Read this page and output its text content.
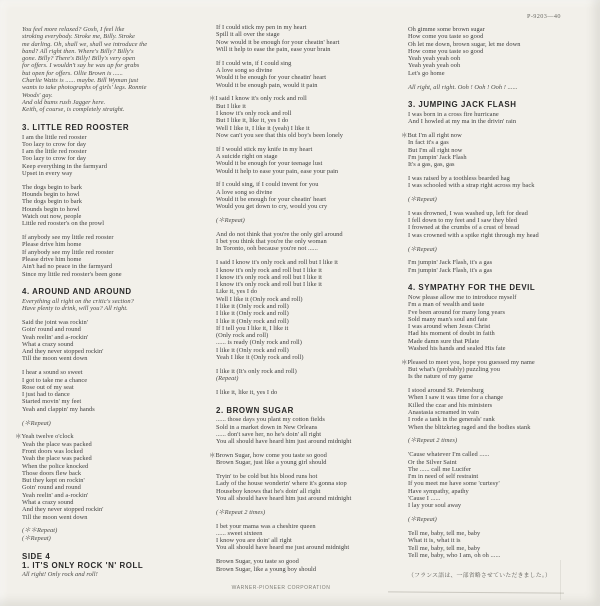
P-9203—40
You feel more relaxed? Gosh, I feel like
stroking everybody. Stroke me, Billy. Stroke
me darling. Oh, shall we, shall we introduce the
band? All right then. Where's Billy? Billy's
gone. Billy? There's Billy! Billy's very open
for offers. I wouldn't say he was up for grabs
but open for offers. Ollie Brown is ......
Charlie Watts is ...... maybe. Bill Wyman just
wants to take photographs of girls' legs. Ronnie
Woods' gay.
And old bums rush Jagger here.
Keith, of course, is completely straight.
3. LITTLE RED ROOSTER
I am the little red rooster
Too lazy to crow for day
I am the little red rooster
Too lazy to crow for day
Keep everything in the farmyard
Upset in every way
The dogs begin to bark
Hounds begin to howl
The dogs begin to bark
Hounds begin to howl
Watch out now, people
Little red rooster's on the prowl
If anybody see my little red rooster
Please drive him home
If anybody see my little red rooster
Please drive him home
Ain't had no peace in the farmyard
Since my little red rooster's been gone
4. AROUND AND AROUND
Everything all right on the critic's section?
Have plenty to drink, will you? All right.
Said the joint was rockin'
Goin' round and round
Yeah reelin' and a-rockin'
What a crazy sound
And they never stopped rockin'
Till the moon went down
I hear a sound so sweet
I got to take me a chance
Rose out of my seat
I just had to dance
Started movin' my feet
Yeah and clappin' my hands
(＊Repeat)
＊Yeah twelve o'clock
Yeah the place was packed
Front doors was locked
Yeah the place was packed
When the police knocked
Those doors flew back
But they kept on rockin'
Goin' round and round
Yeah reelin' and a-rockin'
What a crazy sound
And they never stopped rockin'
Till the moon went down
(＊＊Repeat)
(＊Repeat)
SIDE 4
1. IT'S ONLY ROCK 'N' ROLL
All right! Only rock and roll!
If I could stick my pen in my heart
Spill it all over the stage
Now would it be enough for your cheatin' heart
Will it help to ease the pain, ease your brain
If I could win, if I could sing
A love song so divine
Would it be enough for your cheatin' heart
Would it be enough pain, would it pain
＊I said I know it's only rock and roll
But I like it
I know it's only rock and roll
But I like it, like it, yes I do
Well I like it, I like it (yeah) I like it
Now can't you see that this old boy's been lonely
If I would stick my knife in my heart
A suicide right on stage
Would it be enough for your teenage lust
Would it help to ease your pain, ease your pain
If I could sing, if I could invent for you
A love song so divine
Would it be enough for your cheatin' heart
Would you get down to cry, would you cry
(＊Repeat)
And do not think that you're the only girl around
I bet you think that you're the only woman
In Toronto, ooh because you're not ......
I said I know it's only rock and roll but I like it
I know it's only rock and roll but I like it
I know it's only rock and roll but I like it
I know it's only rock and roll but I like it
Like it, yes I do
Well I like it (Only rock and roll)
I like it (Only rock and roll)
I like it (Only rock and roll)
I like it (Only rock and roll)
If I tell you I like it, I like it
(Only rock and roll)
...... is ready (Only rock and roll)
I like it (Only rock and roll)
Yeah I like it (Only rock and roll)
I like it (It's only rock and roll)
(Repeat)
I like it, like it, yes I do
2. BROWN SUGAR
...... those days you plant my cotton fields
Sold in a market down in New Orleans
...... don't save her, no he's doin' all right
You all should have heard him just around midnight
＊Brown Sugar, how come you taste so good
Brown Sugar, just like a young girl should
Tryin' to be cold but his blood runs hot
Lady of the house wonderin' where it's gonna stop
Houseboy knows that he's doin' all right
You all should have heard him just around midnight
(＊Repeat 2 times)
I bet your mama was a cheshire queen
...... sweet sixteen
I know you are doin' all right
You all should have heard me just around midnight
Brown Sugar, you taste so good
Brown Sugar, like a young boy should
Oh gimme some brown sugar
How come you taste so good
Oh let me down, brown sugar, let me down
How come you taste so good
Yeah yeah yeah ooh
Yeah yeah yeah ooh
Let's go home
All right, all right. Ooh ! Ooh ! Ooh ! ......
3. JUMPING JACK FLASH
I was born in a cross fire hurricane
And I howled at my ma in the drivin' rain
＊But I'm all right now
In fact it's a gas
But I'm all right now
I'm jumpin' Jack Flash
It's a gas, gas, gas
I was raised by a toothless bearded hag
I was schooled with a strap right across my back
(＊Repeat)
I was drowned, I was washed up, left for dead
I fell down to my feet and I saw they bled
I frowned at the crumbs of a crust of bread
I was crowned with a spike right through my head
(＊Repeat)
I'm jumpin' Jack Flash, it's a gas
I'm jumpin' Jack Flash, it's a gas
4. SYMPATHY FOR THE DEVIL
Now please allow me to introduce myself
I'm a man of wealth and taste
I've been around for many long years
Sold many man's soul and fate
I was around when Jesus Christ
Had his moment of doubt in faith
Made damn sure that Pilate
Washed his hands and sealed His fate
＊Pleased to meet you, hope you guessed my name
But what's (probably) puzzling you
Is the nature of my game
I stood around St. Petersburg
When I saw it was time for a change
Killed the czar and his ministers
Anastasia screamed in vain
I rode a tank in the generals' rank
When the blitzkrieg raged and the bodies stank
(＊Repeat 2 times)
'Cause whatever I'm called ......
Or the Silver Saint
The ...... call me Lucifer
I'm in need of self restraint
If you meet me have some 'curtesy'
Have sympathy, apathy
'Cause I ......
I lay your soul away
(＊Repeat)
Tell me, baby, tell me, baby
What it is, what it is
Tell me, baby, tell me, baby
Tell me, baby, who I am, oh oh ......
（フランス語は、一部省略させていただきました。）
WARNER-PIONEER CORPORATION
